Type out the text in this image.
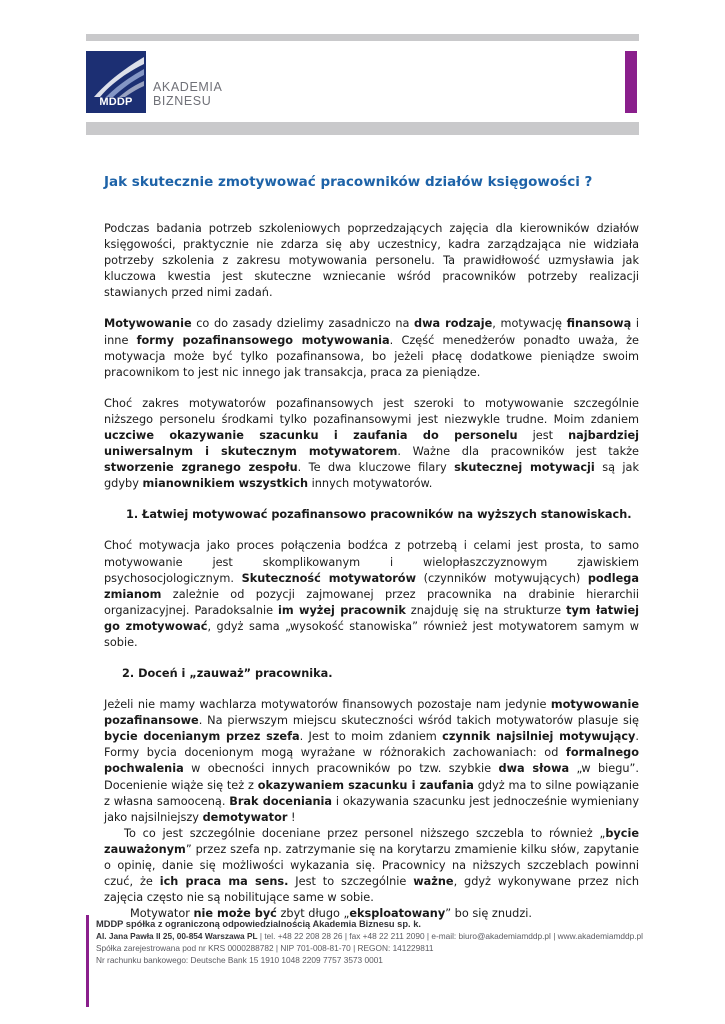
MDDP
AKADEMIA
BIZNESU
Jak skutecznie zmotywować pracowników działów księgowości ?

Podczas badania potrzeb szkoleniowych poprzedzających zajęcia dla kierowników działów księgowości, praktycznie nie zdarza się aby uczestnicy, kadra zarządzająca nie widziała potrzeby szkolenia z zakresu motywowania personelu. Ta prawidłowość uzmysławia jak kluczowa kwestia jest skuteczne wzniecanie wśród pracowników potrzeby realizacji stawianych przed nimi zadań.

Motywowanie co do zasady dzielimy zasadniczo na dwa rodzaje, motywację finansową i inne formy pozafinansowego motywowania. Część menedżerów ponadto uważa, że motywacja może być tylko pozafinansowa, bo jeżeli płacę dodatkowe pieniądze swoim pracownikom to jest nic innego jak transakcja, praca za pieniądze.

Choć zakres motywatorów pozafinansowych jest szeroki to motywowanie szczególnie niższego personelu środkami tylko pozafinansowymi jest niezwykle trudne. Moim zdaniem uczciwe okazywanie szacunku i zaufania do personelu jest najbardziej uniwersalnym i skutecznym motywatorem. Ważne dla pracowników jest także stworzenie zgranego zespołu. Te dwa kluczowe filary skutecznej motywacji są jak gdyby mianownikiem wszystkich innych motywatorów.

1. Łatwiej motywować pozafinansowo pracowników na wyższych stanowiskach.

Choć motywacja jako proces połączenia bodźca z potrzebą i celami jest prosta, to samo motywowanie jest skomplikowanym i wielopłaszczyznowym zjawiskiem psychosocjologicznym. Skuteczność motywatorów (czynników motywujących) podlega zmianom zależnie od pozycji zajmowanej przez pracownika na drabinie hierarchii organizacyjnej. Paradoksalnie im wyżej pracownik znajduję się na strukturze tym łatwiej go zmotywować, gdyż sama „wysokość stanowiska” również jest motywatorem samym w sobie.

2. Doceń i „zauważ” pracownika.

Jeżeli nie mamy wachlarza motywatorów finansowych pozostaje nam jedynie motywowanie pozafinansowe. Na pierwszym miejscu skuteczności wśród takich motywatorów plasuje się bycie docenianym przez szefa. Jest to moim zdaniem czynnik najsilniej motywujący. Formy bycia docenionym mogą wyrażane w różnorakich zachowaniach: od formalnego pochwalenia w obecności innych pracowników po tzw. szybkie dwa słowa „w biegu”. Docenienie wiąże się też z okazywaniem szacunku i zaufania gdyż ma to silne powiązanie z własna samooceną. Brak doceniania i okazywania szacunku jest jednocześnie wymieniany jako najsilniejszy demotywator !

To co jest szczególnie doceniane przez personel niższego szczebla to również „bycie zauważonym” przez szefa np. zatrzymanie się na korytarzu zmamienie kilku słów, zapytanie o opinię, danie się możliwości wykazania się. Pracownicy na niższych szczeblach powinni czuć, że ich praca ma sens. Jest to szczególnie ważne, gdyż wykonywane przez nich zajęcia często nie są nobilitujące same w sobie.

Motywator nie może być zbyt długo „eksploatowany” bo się znudzi.

MDDP spółka z ograniczoną odpowiedzialnością Akademia Biznesu sp. k.
Al. Jana Pawła II 25, 00-854 Warszawa PL | tel. +48 22 208 28 26 | fax +48 22 211 2090 | e-mail: biuro@akademiamddp.pl | www.akademiamddp.pl
Spółka zarejestrowana pod nr KRS 0000288782 | NIP 701-008-81-70 | REGON: 141229811
Nr rachunku bankowego: Deutsche Bank 15 1910 1048 2209 7757 3573 0001
